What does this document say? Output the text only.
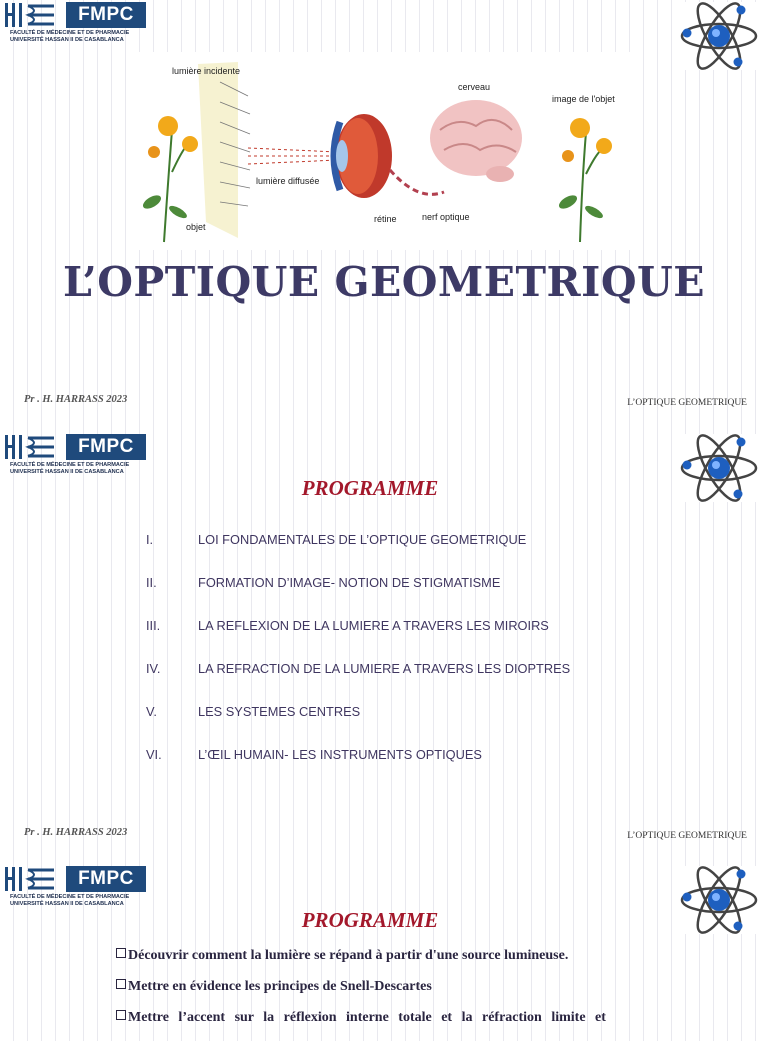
FMPC
FACULTÉ DE MÉDECINE ET DE PHARMACIE
UNIVERSITÉ HASSAN II DE CASABLANCA
lumière incidente
lumière diffusée
objet
rétine	nerf optique
cerveau
image de l'objet
L’OPTIQUE GEOMETRIQUE
Pr . H. HARRASS 2023	L’OPTIQUE GEOMETRIQUE
FMPC
FACULTÉ DE MÉDECINE ET DE PHARMACIE
UNIVERSITÉ HASSAN II DE CASABLANCA
PROGRAMME
I.	LOI FONDAMENTALES DE L’OPTIQUE GEOMETRIQUE
II.	FORMATION D’IMAGE- NOTION DE STIGMATISME
III.	LA REFLEXION DE LA LUMIERE A TRAVERS LES MIROIRS
IV.	LA REFRACTION DE LA LUMIERE A TRAVERS LES DIOPTRES
V.	LES SYSTEMES CENTRES
VI.	L’ŒIL HUMAIN- LES INSTRUMENTS OPTIQUES
Pr . H. HARRASS 2023	L’OPTIQUE GEOMETRIQUE
FMPC
FACULTÉ DE MÉDECINE ET DE PHARMACIE
UNIVERSITÉ HASSAN II DE CASABLANCA
PROGRAMME
Découvrir comment la lumière se répand à partir d'une source lumineuse.
Mettre en évidence les principes de Snell-Descartes
Mettre l’accent sur la réflexion interne totale et la réfraction limite et
